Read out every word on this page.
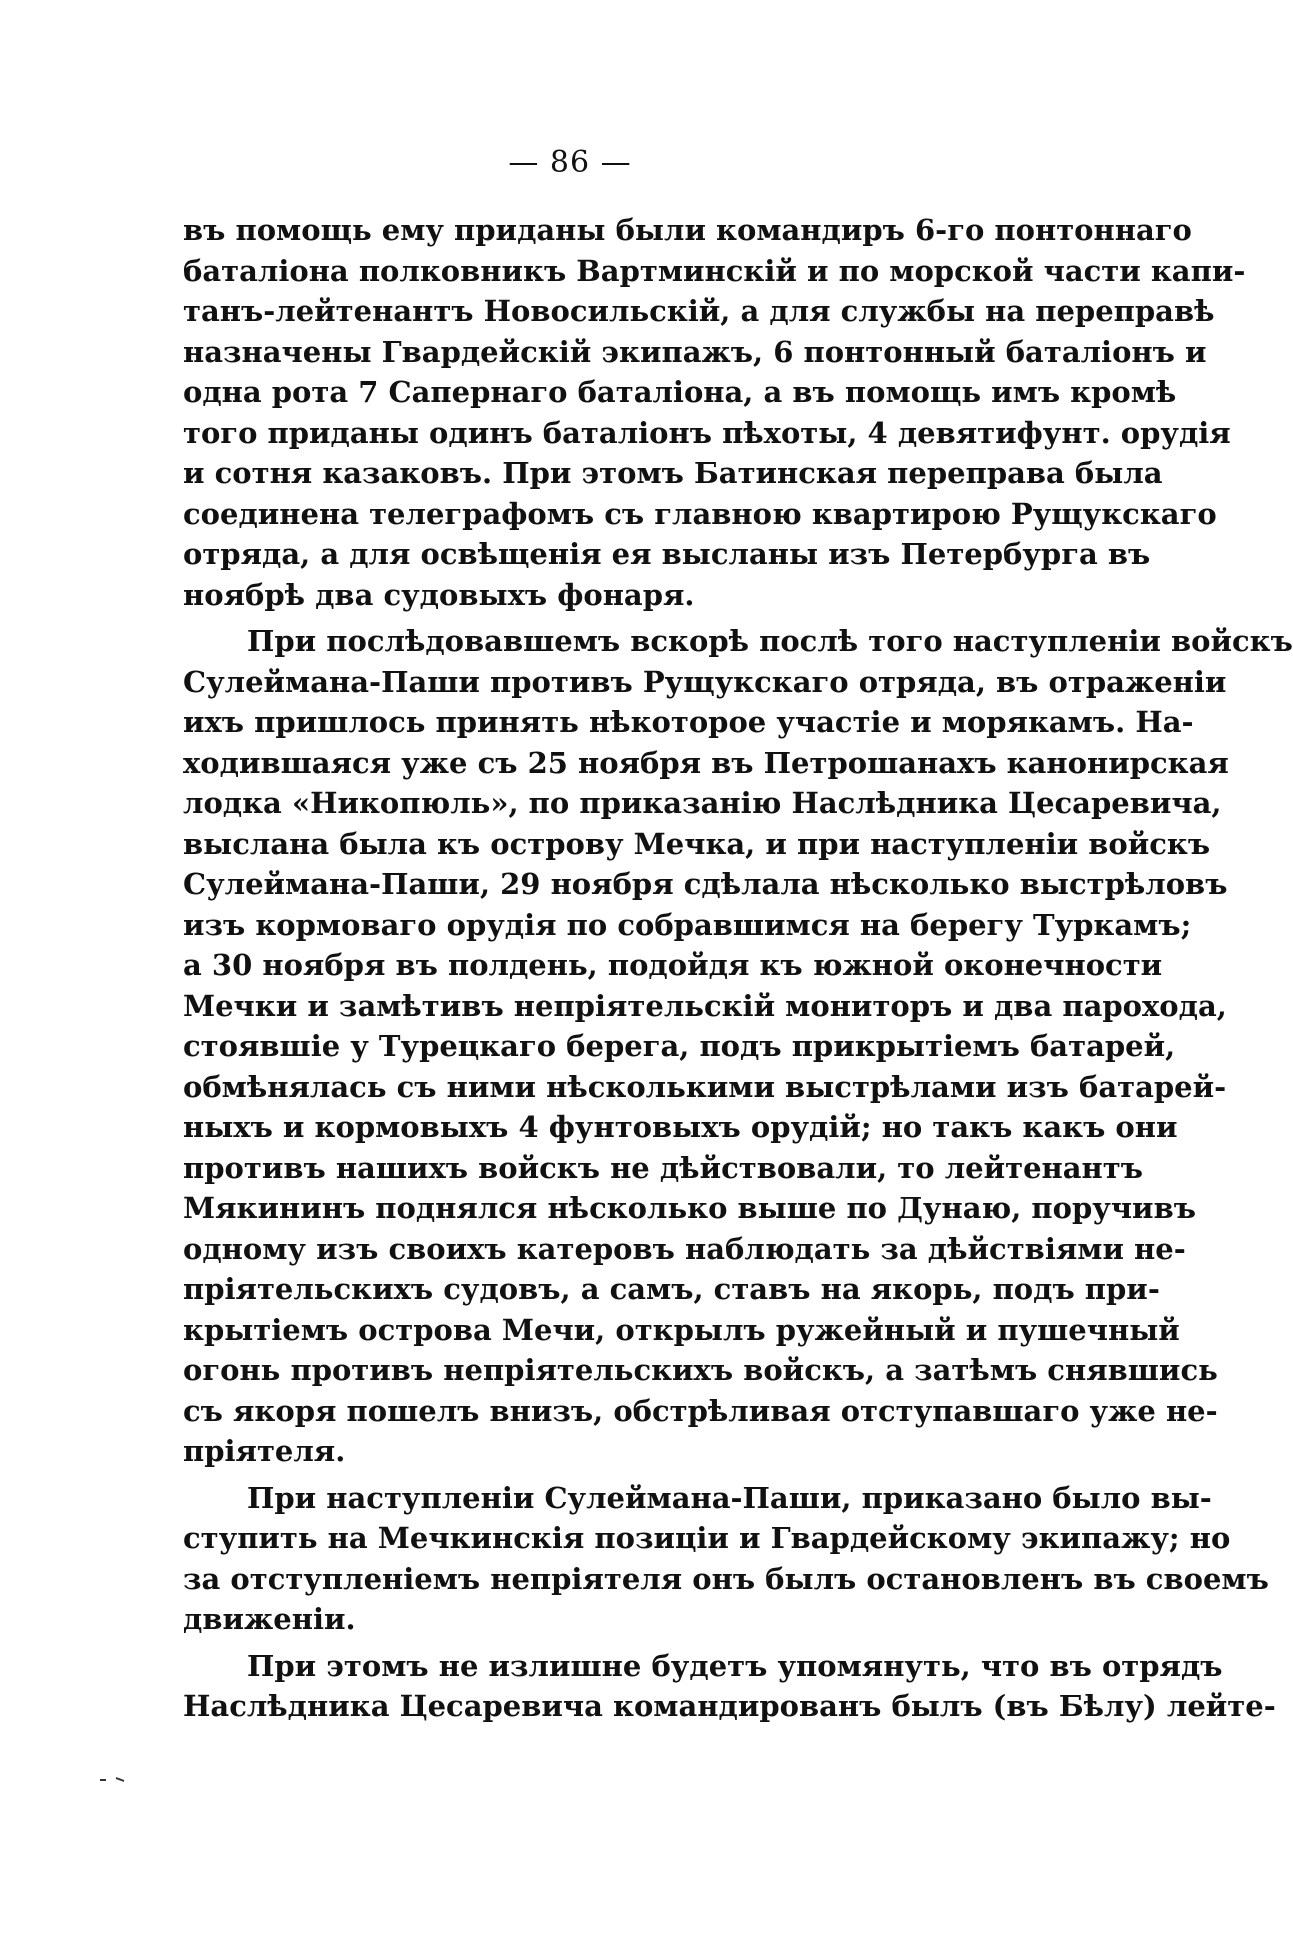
— 86 —
въ помощь ему приданы были командиръ 6-го понтоннаго
баталіона полковникъ Вартминскій и по морской части капи-
танъ-лейтенантъ Новосильскій, а для службы на переправѣ
назначены Гвардейскій экипажъ, 6 понтонный баталіонъ и
одна рота 7 Сапернаго баталіона, а въ помощь имъ кромѣ
того приданы одинъ баталіонъ пѣхоты, 4 девятифунт. орудія
и сотня казаковъ. При этомъ Батинская переправа была
соединена телеграфомъ съ главною квартирою Рущукскаго
отряда, а для освѣщенія ея высланы изъ Петербурга въ
ноябрѣ два судовыхъ фонаря.
При послѣдовавшемъ вскорѣ послѣ того наступленіи войскъ
Сулеймана-Паши противъ Рущукскаго отряда, въ отраженіи
ихъ пришлось принять нѣкоторое участіе и морякамъ. На-
ходившаяся уже съ 25 ноября въ Петрошанахъ канонирская
лодка «Никопюль», по приказанію Наслѣдника Цесаревича,
выслана была къ острову Мечка, и при наступленіи войскъ
Сулеймана-Паши, 29 ноября сдѣлала нѣсколько выстрѣловъ
изъ кормоваго орудія по собравшимся на берегу Туркамъ;
а 30 ноября въ полдень, подойдя къ южной оконечности
Мечки и замѣтивъ непріятельскій мониторъ и два парохода,
стоявшіе у Турецкаго берега, подъ прикрытіемъ батарей,
обмѣнялась съ ними нѣсколькими выстрѣлами изъ батарей-
ныхъ и кормовыхъ 4 фунтовыхъ орудій; но такъ какъ они
противъ нашихъ войскъ не дѣйствовали, то лейтенантъ
Мякининъ поднялся нѣсколько выше по Дунаю, поручивъ
одному изъ своихъ катеровъ наблюдать за дѣйствіями не-
пріятельскихъ судовъ, а самъ, ставъ на якорь, подъ при-
крытіемъ острова Мечи, открылъ ружейный и пушечный
огонь противъ непріятельскихъ войскъ, а затѣмъ снявшись
съ якоря пошелъ внизъ, обстрѣливая отступавшаго уже не-
пріятеля.
При наступленіи Сулеймана-Паши, приказано было вы-
ступить на Мечкинскія позиціи и Гвардейскому экипажу; но
за отступленіемъ непріятеля онъ былъ остановленъ въ своемъ
движеніи.
При этомъ не излишне будетъ упомянуть, что въ отрядъ
Наслѣдника Цесаревича командированъ былъ (въ Бѣлу) лейте-
